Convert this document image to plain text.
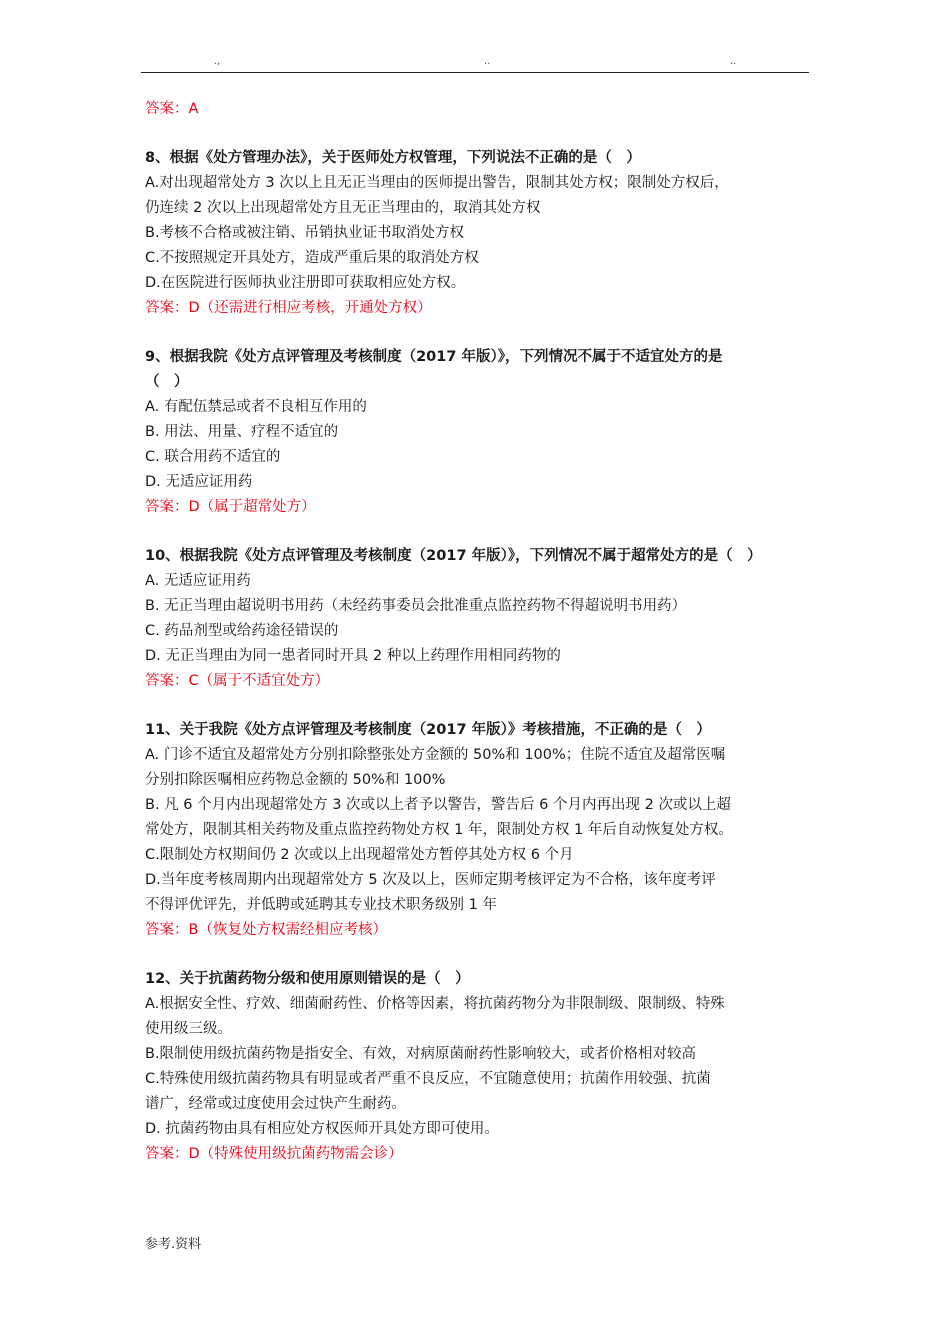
.,	..	..
答案：A
8、根据《处方管理办法》，关于医师处方权管理，下列说法不正确的是（　）
A.对出现超常处方 3 次以上且无正当理由的医师提出警告，限制其处方权；限制处方权后，
仍连续 2 次以上出现超常处方且无正当理由的，取消其处方权
B.考核不合格或被注销、吊销执业证书取消处方权
C.不按照规定开具处方，造成严重后果的取消处方权
D.在医院进行医师执业注册即可获取相应处方权。
答案：D（还需进行相应考核，开通处方权）
9、根据我院《处方点评管理及考核制度（2017 年版）》，下列情况不属于不适宜处方的是
（　）
A. 有配伍禁忌或者不良相互作用的
B. 用法、用量、疗程不适宜的
C. 联合用药不适宜的
D. 无适应证用药
答案：D（属于超常处方）
10、根据我院《处方点评管理及考核制度（2017 年版）》，下列情况不属于超常处方的是（　）
A. 无适应证用药
B. 无正当理由超说明书用药（未经药事委员会批准重点监控药物不得超说明书用药）
C. 药品剂型或给药途径错误的
D. 无正当理由为同一患者同时开具 2 种以上药理作用相同药物的
答案：C（属于不适宜处方）
11、关于我院《处方点评管理及考核制度（2017 年版）》考核措施，不正确的是（　）
A. 门诊不适宜及超常处方分别扣除整张处方金额的 50%和 100%；住院不适宜及超常医嘱
分别扣除医嘱相应药物总金额的 50%和 100%
B. 凡 6 个月内出现超常处方 3 次或以上者予以警告，警告后 6 个月内再出现 2 次或以上超
常处方，限制其相关药物及重点监控药物处方权 1 年，限制处方权 1 年后自动恢复处方权。
C.限制处方权期间仍 2 次或以上出现超常处方暂停其处方权 6 个月
D.当年度考核周期内出现超常处方 5 次及以上，医师定期考核评定为不合格，该年度考评
不得评优评先，并低聘或延聘其专业技术职务级别 1 年
答案：B（恢复处方权需经相应考核）
12、关于抗菌药物分级和使用原则错误的是（　）
A.根据安全性、疗效、细菌耐药性、价格等因素，将抗菌药物分为非限制级、限制级、特殊
使用级三级。
B.限制使用级抗菌药物是指安全、有效，对病原菌耐药性影响较大，或者价格相对较高
C.特殊使用级抗菌药物具有明显或者严重不良反应，不宜随意使用；抗菌作用较强、抗菌
谱广，经常或过度使用会过快产生耐药。
D. 抗菌药物由具有相应处方权医师开具处方即可使用。
答案：D（特殊使用级抗菌药物需会诊）
参考.资料
